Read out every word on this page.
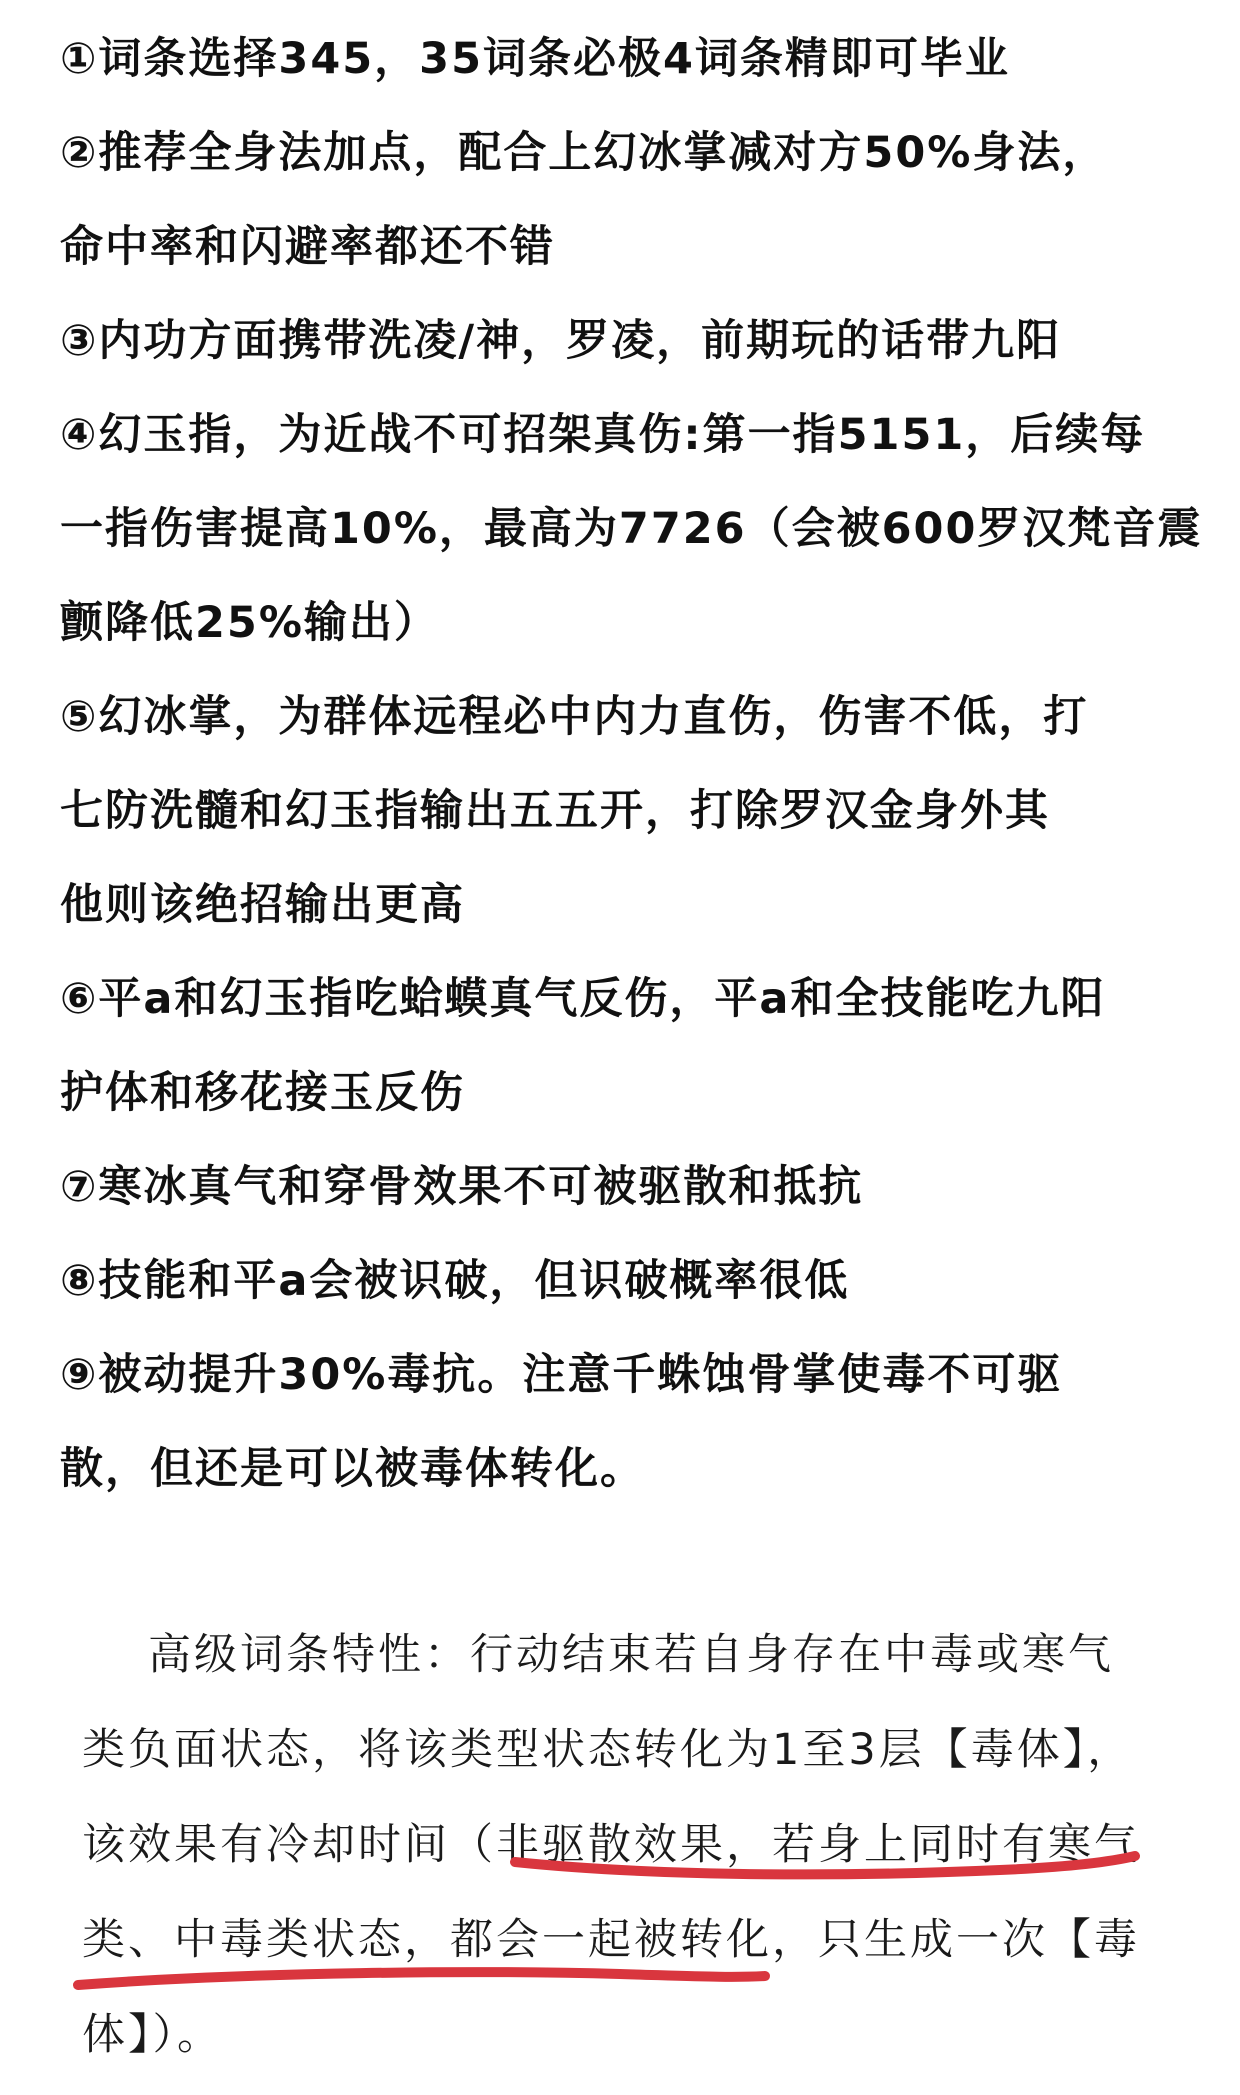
①词条选择345，35词条必极4词条精即可毕业
②推荐全身法加点，配合上幻冰掌减对方50%身法，
命中率和闪避率都还不错
③内功方面携带洗凌/神，罗凌，前期玩的话带九阳
④幻玉指，为近战不可招架真伤:第一指5151，后续每
一指伤害提高10%，最高为7726（会被600罗汉梵音震
颤降低25%输出）
⑤幻冰掌，为群体远程必中内力直伤，伤害不低，打
七防洗髓和幻玉指输出五五开，打除罗汉金身外其
他则该绝招输出更高
⑥平a和幻玉指吃蛤蟆真气反伤，平a和全技能吃九阳
护体和移花接玉反伤
⑦寒冰真气和穿骨效果不可被驱散和抵抗
⑧技能和平a会被识破，但识破概率很低
⑨被动提升30%毒抗。注意千蛛蚀骨掌使毒不可驱
散，但还是可以被毒体转化。
高级词条特性：行动结束若自身存在中毒或寒气
类负面状态，将该类型状态转化为1至3层【毒体】，
该效果有冷却时间（非驱散效果，若身上同时有寒气
类、中毒类状态，都会一起被转化，只生成一次【毒
体】）。
